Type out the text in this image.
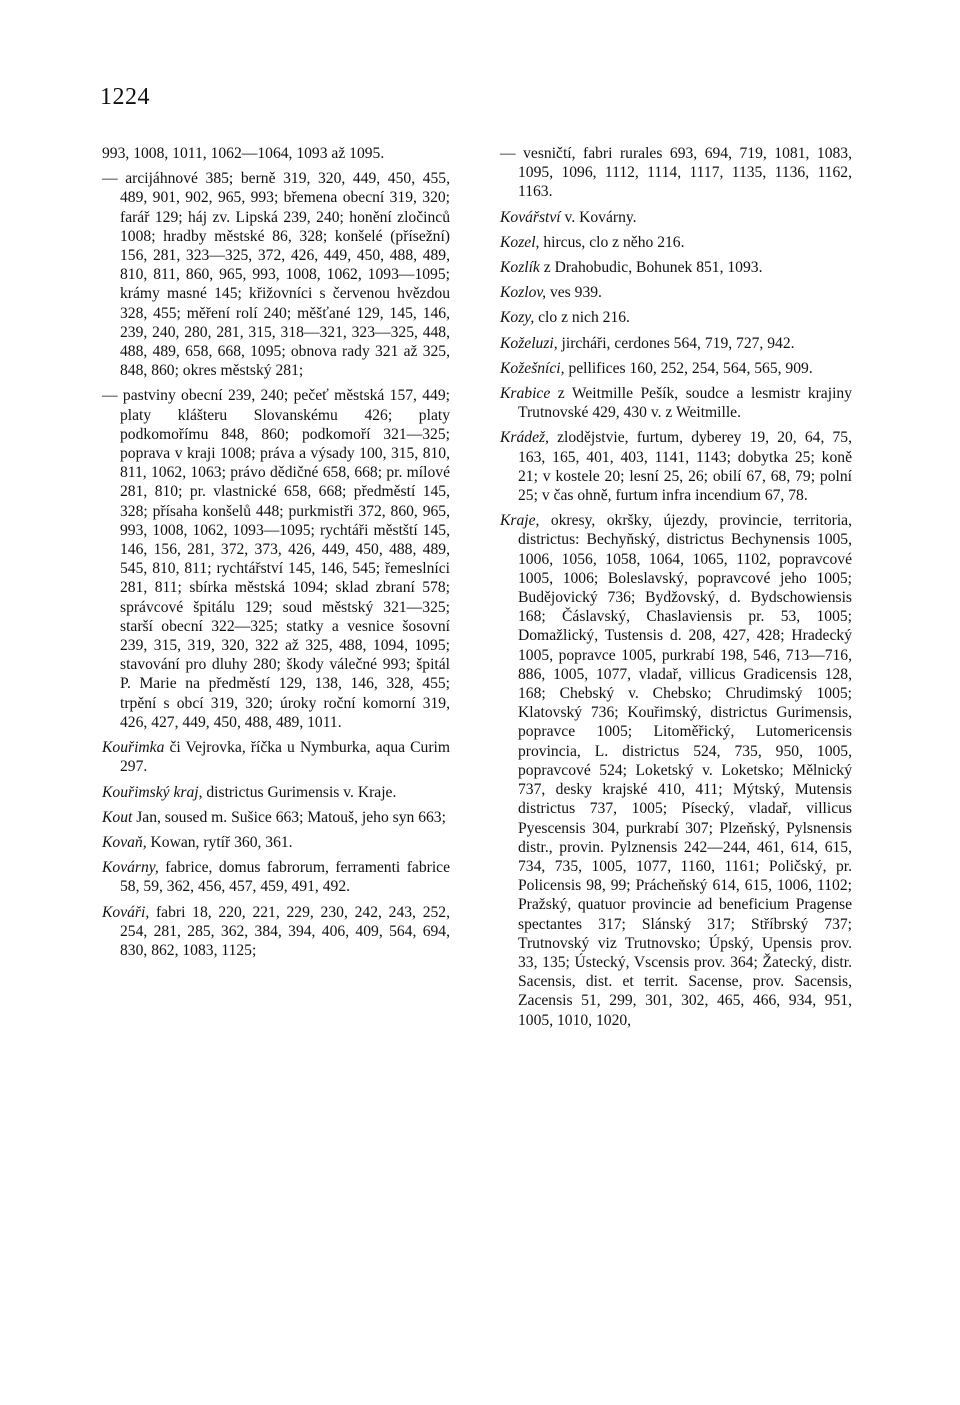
1224

993, 1008, 1011, 1062—1064, 1093 až 1095.

— arcijáhnové 385; berně 319, 320, 449, 450, 455, 489, 901, 902, 965, 993; břemena obecní 319, 320; farář 129; háj zv. Lipská 239, 240; honění zločinců 1008; hradby městské 86, 328; konšelé (přísežní) 156, 281, 323—325, 372, 426, 449, 450, 488, 489, 810, 811, 860, 965, 993, 1008, 1062, 1093—1095; krámy masné 145; křižovníci s červenou hvězdou 328, 455; měření rolí 240; měšťané 129, 145, 146, 239, 240, 280, 281, 315, 318—321, 323—325, 448, 488, 489, 658, 668, 1095; obnova rady 321 až 325, 848, 860; okres městský 281;

— pastviny obecní 239, 240; pečeť městská 157, 449; platy klášteru Slovanskému 426; platy podkomořímu 848, 860; podkomoří 321—325; poprava v kraji 1008; práva a výsady 100, 315, 810, 811, 1062, 1063; právo dědičné 658, 668; pr. mílové 281, 810; pr. vlastnické 658, 668; předměstí 145, 328; přísaha konšelů 448; purkmistři 372, 860, 965, 993, 1008, 1062, 1093—1095; rychtáři městští 145, 146, 156, 281, 372, 373, 426, 449, 450, 488, 489, 545, 810, 811; rychtářství 145, 146, 545; řemeslníci 281, 811; sbírka městská 1094; sklad zbraní 578; správcové špitálu 129; soud městský 321—325; starší obecní 322—325; statky a vesnice šosovní 239, 315, 319, 320, 322 až 325, 488, 1094, 1095; stavování pro dluhy 280; škody válečné 993; špitál P. Marie na předměstí 129, 138, 146, 328, 455; trpění s obcí 319, 320; úroky roční komorní 319, 426, 427, 449, 450, 488, 489, 1011.

Kouřimka či Vejrovka, říčka u Nymburka, aqua Curim 297.

Kouřimský kraj, districtus Gurimensis v. Kraje.

Kout Jan, soused m. Sušice 663; Matouš, jeho syn 663;

Kovaň, Kowan, rytíř 360, 361.

Kovárny, fabrice, domus fabrorum, ferramenti fabrice 58, 59, 362, 456, 457, 459, 491, 492.

Kováři, fabri 18, 220, 221, 229, 230, 242, 243, 252, 254, 281, 285, 362, 384, 394, 406, 409, 564, 694, 830, 862, 1083, 1125;

— vesničtí, fabri rurales 693, 694, 719, 1081, 1083, 1095, 1096, 1112, 1114, 1117, 1135, 1136, 1162, 1163.

Kovářství v. Kovárny.

Kozel, hircus, clo z něho 216.

Kozlík z Drahobudic, Bohunek 851, 1093.

Kozlov, ves 939.

Kozy, clo z nich 216.

Koželuzi, jircháři, cerdones 564, 719, 727, 942.

Kožešníci, pellifices 160, 252, 254, 564, 565, 909.

Krabice z Weitmille Pešík, soudce a lesmistr krajiny Trutnovské 429, 430 v. z Weitmille.

Krádež, zlodějstvie, furtum, dyberey 19, 20, 64, 75, 163, 165, 401, 403, 1141, 1143; dobytka 25; koně 21; v kostele 20; lesní 25, 26; obilí 67, 68, 79; polní 25; v čas ohně, furtum infra incendium 67, 78.

Kraje, okresy, okršky, újezdy, provincie, territoria, districtus: Bechyňský, districtus Bechynensis 1005, 1006, 1056, 1058, 1064, 1065, 1102, popravcové 1005, 1006; Boleslavský, popravcové jeho 1005; Budějovický 736; Bydžovský, d. Bydschowiensis 168; Čáslavský, Chaslaviensis pr. 53, 1005; Domažlický, Tustensis d. 208, 427, 428; Hradecký 1005, popravce 1005, purkrabí 198, 546, 713—716, 886, 1005, 1077, vladař, villicus Gradicensis 128, 168; Chebský v. Chebsko; Chrudimský 1005; Klatovský 736; Kouřimský, districtus Gurimensis, popravce 1005; Litoměřický, Lutomericensis provincia, L. districtus 524, 735, 950, 1005, popravcové 524; Loketský v. Loketsko; Mělnický 737, desky krajské 410, 411; Mýtský, Mutensis districtus 737, 1005; Písecký, vladař, villicus Pyescensis 304, purkrabí 307; Plzeňský, Pylsnensis distr., provin. Pylznensis 242—244, 461, 614, 615, 734, 735, 1005, 1077, 1160, 1161; Poličský, pr. Policensis 98, 99; Prácheňský 614, 615, 1006, 1102; Pražský, quatuor provincie ad beneficium Pragense spectantes 317; Slánský 317; Stříbrský 737; Trutnovský viz Trutnovsko; Úpský, Upensis prov. 33, 135; Ústecký, Vscensis prov. 364; Žatecký, distr. Sacensis, dist. et territ. Sacense, prov. Sacensis, Zacensis 51, 299, 301, 302, 465, 466, 934, 951, 1005, 1010, 1020,
